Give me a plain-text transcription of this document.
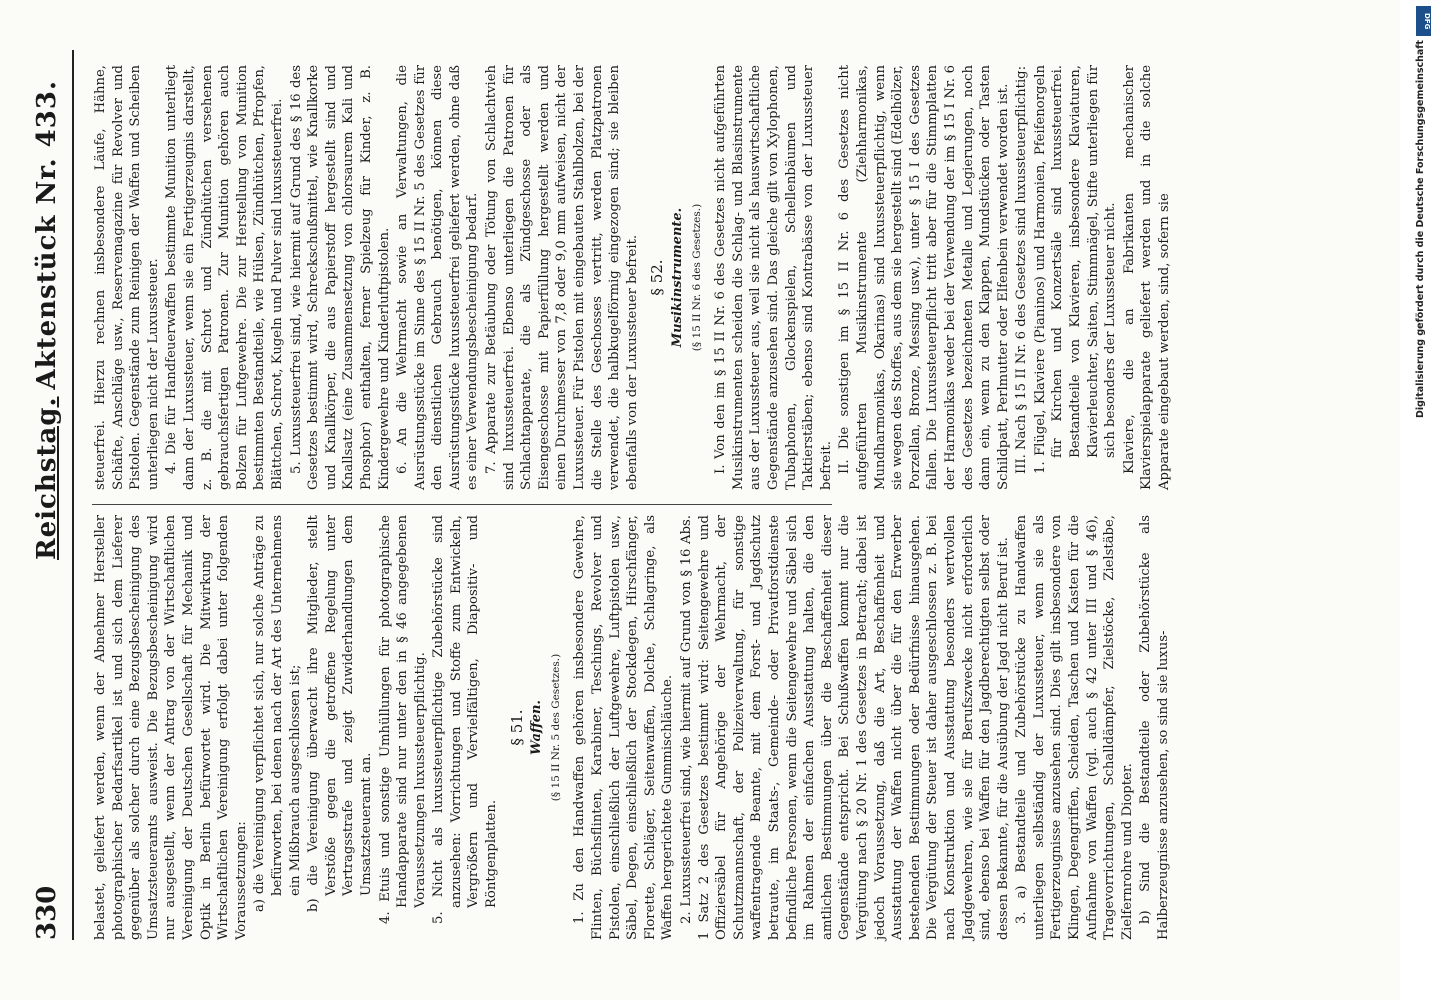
330
Reichstag.
Aktenstück Nr. 433.

belastet, geliefert werden, wenn der Abnehmer Hersteller photographischer Bedarfsartikel ist und sich dem Lieferer gegenüber als solcher durch eine Bezugsbescheinigung des Umsatzsteueramts ausweist. Die Bezugsbescheinigung wird nur ausgestellt, wenn der Antrag von der Wirtschaftlichen Vereinigung der Deutschen Gesellschaft für Mechanik und Optik in Berlin befürwortet wird. Die Mitwirkung der Wirtschaftlichen Vereinigung erfolgt dabei unter folgenden Voraussetzungen: a) die Vereinigung verpflichtet sich, nur solche Anträge zu befürworten, bei denen nach der Art des Unternehmens ein Mißbrauch ausgeschlossen ist; b) die Vereinigung überwacht ihre Mitglieder, stellt Verstöße gegen die getroffene Regelung unter Vertragsstrafe und zeigt Zuwiderhandlungen dem Umsatzsteueramt an. 4. Etuis und sonstige Umhüllungen für photographische Handapparate sind nur unter den in § 46 angegebenen Voraussetzungen luxussteuerpflichtig. 5. Nicht als luxussteuerpflichtige Zubehörstücke sind anzusehen: Vorrichtungen und Stoffe zum Entwickeln, Vergrößern und Vervielfältigen, Diapositiv- und Röntgenplatten.

§ 51. Waffen. (§ 15 II Nr. 5 des Gesetzes.) 1. Zu den Handwaffen gehören insbesondere Gewehre, Flinten, Büchsflinten, Karabiner, Teschings, Revolver und Pistolen, einschließlich der Luftgewehre, Luftpistolen usw., Säbel, Degen, einschließlich der Stockdegen, Hirschfänger, Florette, Schläger, Seitenwaffen, Dolche, Schlagringe, als Waffen hergerichtete Gummischläuche. 2. Luxussteuerfrei sind, wie hiermit auf Grund von § 16 Abs. 1 Satz 2 des Gesetzes bestimmt wird: Seitengewehre und Offiziersäbel für Angehörige der Wehrmacht, der Schutzmannschaft, der Polizeiverwaltung, für sonstige waffentragende Beamte, mit dem Forst- und Jagdschutz betraute, im Staats-, Gemeinde- oder Privatforstdienste befindliche Personen, wenn die Seitengewehre und Säbel sich im Rahmen der einfachen Ausstattung halten, die den amtlichen Bestimmungen über die Beschaffenheit dieser Gegenstände entspricht. Bei Schußwaffen kommt nur die Vergütung nach § 20 Nr. 1 des Gesetzes in Betracht; dabei ist jedoch Voraussetzung, daß die Art, Beschaffenheit und Ausstattung der Waffen nicht über die für den Erwerber bestehenden Bestimmungen oder Bedürfnisse hinausgehen. Die Vergütung der Steuer ist daher ausgeschlossen z. B. bei nach Konstruktion und Ausstattung besonders wertvollen Jagdgewehren, wie sie für Berufszwecke nicht erforderlich sind, ebenso bei Waffen für den Jagdberechtigten selbst oder dessen Bekannte, für die Ausübung der Jagd nicht Beruf ist. 3. a) Bestandteile und Zubehörstücke zu Handwaffen unterliegen selbständig der Luxussteuer, wenn sie als Fertigerzeugnisse anzusehen sind. Dies gilt insbesondere von Klingen, Degengriffen, Scheiden, Taschen und Kasten für die Aufnahme von Waffen (vgl. auch § 42 unter III und § 46), Tragevorrichtungen, Schalldämpfer, Zielstöcke, Zielstäbe, Zielfernrohre und Diopter. b) Sind die Bestandteile oder Zubehörstücke als Halberzeugnisse anzusehen, so sind sie luxus-

steuerfrei. Hierzu rechnen insbesondere Läufe, Hähne, Schäfte, Anschläge usw., Reservemagazine für Revolver und Pistolen. Gegenstände zum Reinigen der Waffen und Scheiben unterliegen nicht der Luxussteuer. 4. Die für Handfeuerwaffen bestimmte Munition unterliegt dann der Luxussteuer, wenn sie ein Fertigerzeugnis darstellt, z. B. die mit Schrot und Zündhütchen versehenen gebrauchsfertigen Patronen. Zur Munition gehören auch Bolzen für Luftgewehre. Die zur Herstellung von Munition bestimmten Bestandteile, wie Hülsen, Zündhütchen, Pfropfen, Blättchen, Schrot, Kugeln und Pulver sind luxussteuerfrei. 5. Luxussteuerfrei sind, wie hiermit auf Grund des § 16 des Gesetzes bestimmt wird, Schreckschußmittel, wie Knallkorke und Knallkörper, die aus Papierstoff hergestellt sind und Knallsatz (eine Zusammensetzung von chlorsaurem Kali und Phosphor) enthalten, ferner Spielzeug für Kinder, z. B. Kindergewehre und Kinderluftpistolen. 6. An die Wehrmacht sowie an Verwaltungen, die Ausrüstungsstücke im Sinne des § 15 II Nr. 5 des Gesetzes für den dienstlichen Gebrauch benötigen, können diese Ausrüstungsstücke luxussteuerfrei geliefert werden, ohne daß es einer Verwendungsbescheinigung bedarf. 7. Apparate zur Betäubung oder Tötung von Schlachtvieh sind luxussteuerfrei. Ebenso unterliegen die Patronen für Schlachtapparate, die als Zündgeschosse oder als Eisengeschosse mit Papierfüllung hergestellt werden und einen Durchmesser von 7,8 oder 9,0 mm aufweisen, nicht der Luxussteuer. Für Pistolen mit eingebauten Stahlbolzen, bei der die Stelle des Geschosses vertritt, werden Platzpatronen verwendet, die halbkugelförmig eingezogen sind; sie bleiben ebenfalls von der Luxussteuer befreit. § 52. Musikinstrumente. (§ 15 II Nr. 6 des Gesetzes.) I. Von den im § 15 II Nr. 6 des Gesetzes nicht aufgeführten Musikinstrumenten scheiden die Schlag- und Blasinstrumente aus der Luxussteuer aus, weil sie nicht als hauswirtschaftliche Gegenstände anzusehen sind. Das gleiche gilt von Xylophonen, Tubaphonen, Glockenspielen, Schellenbäumen und Taktierstäben; ebenso sind Kontrabässe von der Luxussteuer befreit. II. Die sonstigen im § 15 II Nr. 6 des Gesetzes nicht aufgeführten Musikinstrumente (Ziehharmonikas, Mundharmonikas, Okarinas) sind luxussteuerpflichtig, wenn sie wegen des Stoffes, aus dem sie hergestellt sind (Edelhölzer, Porzellan, Bronze, Messing usw.), unter § 15 I des Gesetzes fallen. Die Luxussteuerpflicht tritt aber für die Stimmplatten der Harmonikas weder bei der Verwendung der im § 15 I Nr. 6 des Gesetzes bezeichneten Metalle und Legierungen, noch dann ein, wenn zu den Klappen, Mundstücken oder Tasten Schildpatt, Perlmutter oder Elfenbein verwendet worden ist. III. Nach § 15 II Nr. 6 des Gesetzes sind luxussteuerpflichtig: 1. Flügel, Klaviere (Pianinos) und Harmonien, Pfeifenorgeln für Kirchen und Konzertsäle sind luxussteuerfrei. Bestandteile von Klavieren, insbesondere Klaviaturen, Klavierleuchter, Saiten, Stimmnägel, Stifte unterliegen für sich besonders der Luxussteuer nicht. Klaviere, die an Fabrikanten mechanischer Klavierspielapparate geliefert werden und in die solche Apparate eingebaut werden, sind, sofern sie

DFG
Digitalisierung gefördert durch die Deutsche Forschungsgemeinschaft
